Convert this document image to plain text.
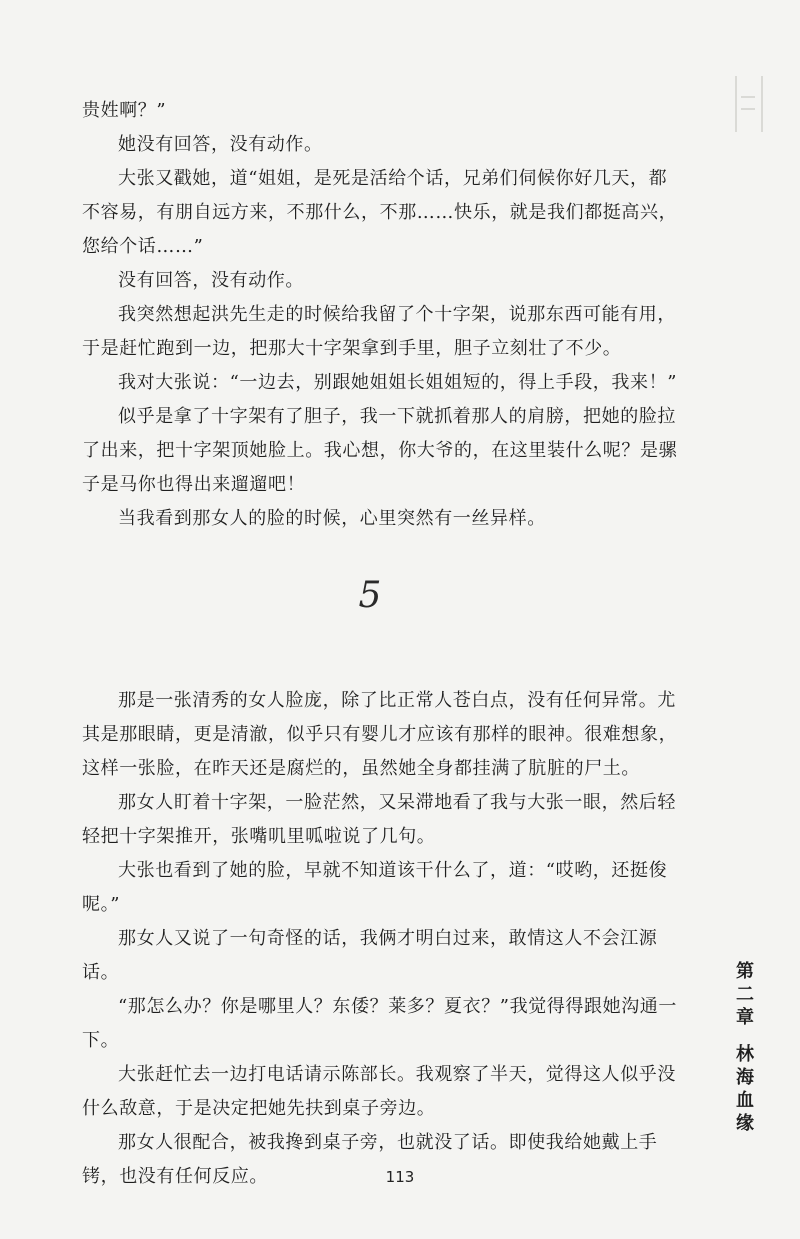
贵姓啊？”

她没有回答，没有动作。

大张又戳她，道“姐姐，是死是活给个话，兄弟们伺候你好几天，都不容易，有朋自远方来，不那什么，不那……快乐，就是我们都挺高兴，您给个话……”

没有回答，没有动作。

我突然想起洪先生走的时候给我留了个十字架，说那东西可能有用，于是赶忙跑到一边，把那大十字架拿到手里，胆子立刻壮了不少。

我对大张说：“一边去，别跟她姐姐长姐姐短的，得上手段，我来！”

似乎是拿了十字架有了胆子，我一下就抓着那人的肩膀，把她的脸拉了出来，把十字架顶她脸上。我心想，你大爷的，在这里装什么呢？是骡子是马你也得出来遛遛吧！

当我看到那女人的脸的时候，心里突然有一丝异样。

5

那是一张清秀的女人脸庞，除了比正常人苍白点，没有任何异常。尤其是那眼睛，更是清澈，似乎只有婴儿才应该有那样的眼神。很难想象，这样一张脸，在昨天还是腐烂的，虽然她全身都挂满了肮脏的尸土。

那女人盯着十字架，一脸茫然，又呆滞地看了我与大张一眼，然后轻轻把十字架推开，张嘴叽里呱啦说了几句。

大张也看到了她的脸，早就不知道该干什么了，道：“哎哟，还挺俊呢。”

那女人又说了一句奇怪的话，我俩才明白过来，敢情这人不会江源话。

“那怎么办？你是哪里人？东倭？莱多？夏衣？”我觉得得跟她沟通一下。

大张赶忙去一边打电话请示陈部长。我观察了半天，觉得这人似乎没什么敌意，于是决定把她先扶到桌子旁边。

那女人很配合，被我搀到桌子旁，也就没了话。即使我给她戴上手铐，也没有任何反应。

第
二
章
林
海
血
缘
113
